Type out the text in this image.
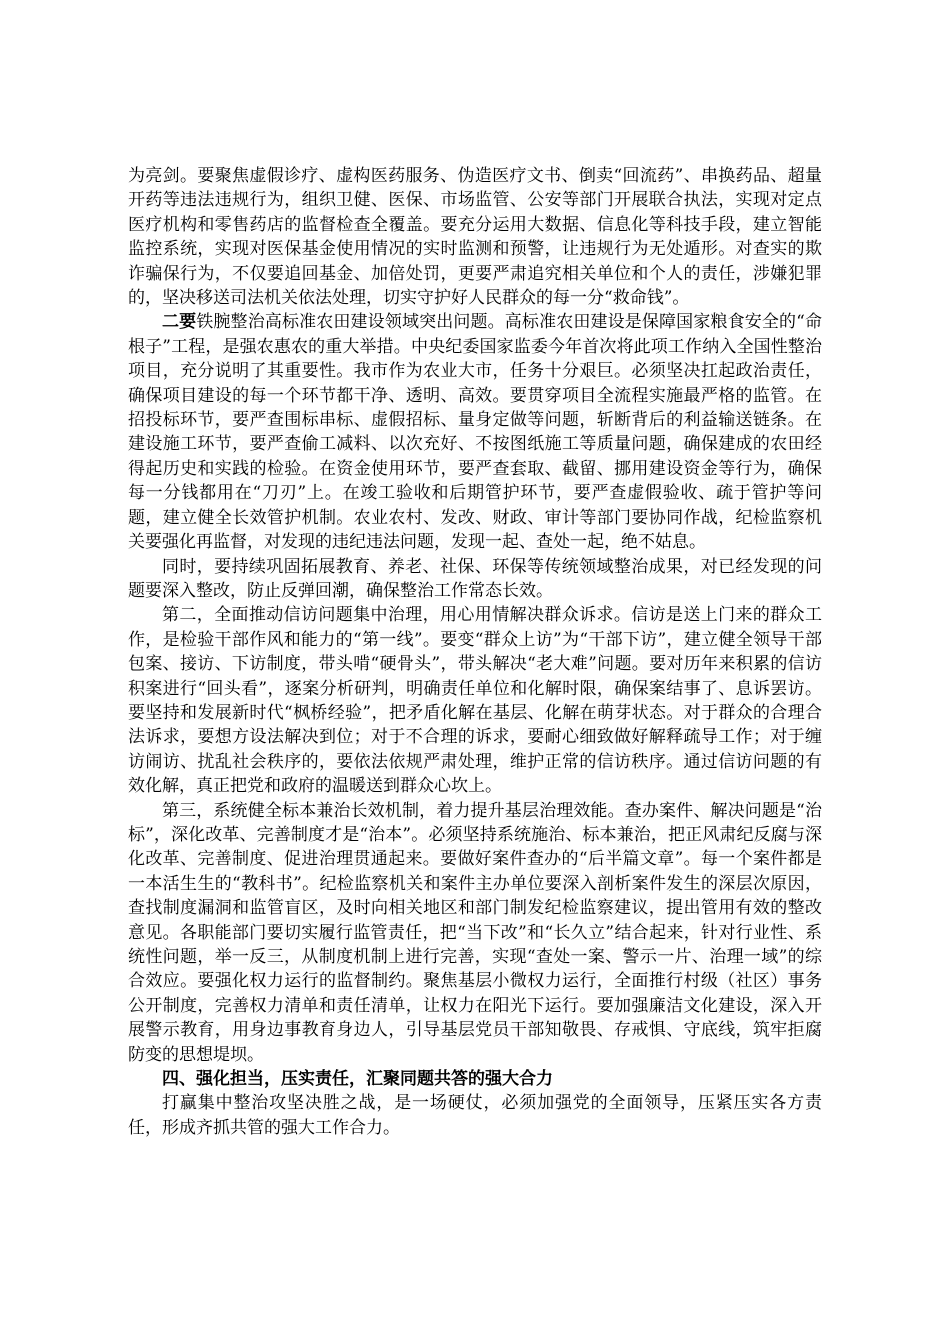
为亮剑。要聚焦虚假诊疗、虚构医药服务、伪造医疗文书、倒卖“回流药”、串换药品、超量开药等违法违规行为，组织卫健、医保、市场监管、公安等部门开展联合执法，实现对定点医疗机构和零售药店的监督检查全覆盖。要充分运用大数据、信息化等科技手段，建立智能监控系统，实现对医保基金使用情况的实时监测和预警，让违规行为无处遁形。对查实的欺诈骗保行为，不仅要追回基金、加倍处罚，更要严肃追究相关单位和个人的责任，涉嫌犯罪的，坚决移送司法机关依法处理，切实守护好人民群众的每一分“救命钱”。

二要铁腕整治高标准农田建设领域突出问题。高标准农田建设是保障国家粮食安全的“命根子”工程，是强农惠农的重大举措。中央纪委国家监委今年首次将此项工作纳入全国性整治项目，充分说明了其重要性。我市作为农业大市，任务十分艰巨。必须坚决扛起政治责任，确保项目建设的每一个环节都干净、透明、高效。要贯穿项目全流程实施最严格的监管。在招投标环节，要严查围标串标、虚假招标、量身定做等问题，斩断背后的利益输送链条。在建设施工环节，要严查偷工减料、以次充好、不按图纸施工等质量问题，确保建成的农田经得起历史和实践的检验。在资金使用环节，要严查套取、截留、挪用建设资金等行为，确保每一分钱都用在“刀刃”上。在竣工验收和后期管护环节，要严查虚假验收、疏于管护等问题，建立健全长效管护机制。农业农村、发改、财政、审计等部门要协同作战，纪检监察机关要强化再监督，对发现的违纪违法问题，发现一起、查处一起，绝不姑息。

同时，要持续巩固拓展教育、养老、社保、环保等传统领域整治成果，对已经发现的问题要深入整改，防止反弹回潮，确保整治工作常态长效。

第二，全面推动信访问题集中治理，用心用情解决群众诉求。信访是送上门来的群众工作，是检验干部作风和能力的“第一线”。要变“群众上访”为“干部下访”，建立健全领导干部包案、接访、下访制度，带头啃“硬骨头”，带头解决“老大难”问题。要对历年来积累的信访积案进行“回头看”，逐案分析研判，明确责任单位和化解时限，确保案结事了、息诉罢访。要坚持和发展新时代“枫桥经验”，把矛盾化解在基层、化解在萌芽状态。对于群众的合理合法诉求，要想方设法解决到位；对于不合理的诉求，要耐心细致做好解释疏导工作；对于缠访闹访、扰乱社会秩序的，要依法依规严肃处理，维护正常的信访秩序。通过信访问题的有效化解，真正把党和政府的温暖送到群众心坎上。

第三，系统健全标本兼治长效机制，着力提升基层治理效能。查办案件、解决问题是“治标”，深化改革、完善制度才是“治本”。必须坚持系统施治、标本兼治，把正风肃纪反腐与深化改革、完善制度、促进治理贯通起来。要做好案件查办的“后半篇文章”。每一个案件都是一本活生生的“教科书”。纪检监察机关和案件主办单位要深入剖析案件发生的深层次原因，查找制度漏洞和监管盲区，及时向相关地区和部门制发纪检监察建议，提出管用有效的整改意见。各职能部门要切实履行监管责任，把“当下改”和“长久立”结合起来，针对行业性、系统性问题，举一反三，从制度机制上进行完善，实现“查处一案、警示一片、治理一域”的综合效应。要强化权力运行的监督制约。聚焦基层小微权力运行，全面推行村级（社区）事务公开制度，完善权力清单和责任清单，让权力在阳光下运行。要加强廉洁文化建设，深入开展警示教育，用身边事教育身边人，引导基层党员干部知敬畏、存戒惧、守底线，筑牢拒腐防变的思想堤坝。

四、强化担当，压实责任，汇聚同题共答的强大合力

打赢集中整治攻坚决胜之战，是一场硬仗，必须加强党的全面领导，压紧压实各方责任，形成齐抓共管的强大工作合力。
